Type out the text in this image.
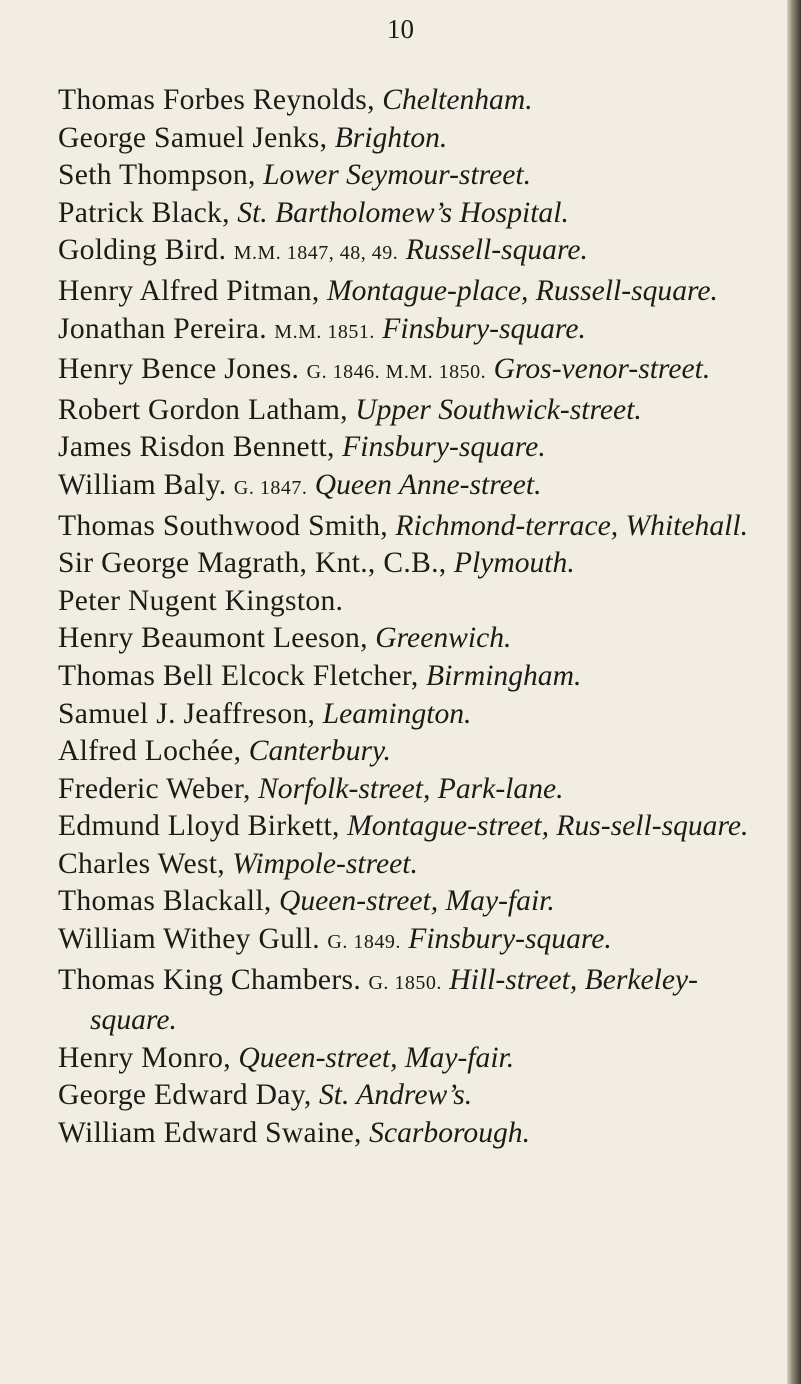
10
Thomas Forbes Reynolds, Cheltenham.
George Samuel Jenks, Brighton.
Seth Thompson, Lower Seymour-street.
Patrick Black, St. Bartholomew’s Hospital.
Golding Bird. M.M. 1847, 48, 49. Russell-square.
Henry Alfred Pitman, Montague-place, Russell-square.
Jonathan Pereira. M.M. 1851. Finsbury-square.
Henry Bence Jones. G. 1846. M.M. 1850. Gros-venor-street.
Robert Gordon Latham, Upper Southwick-street.
James Risdon Bennett, Finsbury-square.
William Baly. G. 1847. Queen Anne-street.
Thomas Southwood Smith, Richmond-terrace, Whitehall.
Sir George Magrath, Knt., C.B., Plymouth.
Peter Nugent Kingston.
Henry Beaumont Leeson, Greenwich.
Thomas Bell Elcock Fletcher, Birmingham.
Samuel J. Jeaffreson, Leamington.
Alfred Lochée, Canterbury.
Frederic Weber, Norfolk-street, Park-lane.
Edmund Lloyd Birkett, Montague-street, Rus-sell-square.
Charles West, Wimpole-street.
Thomas Blackall, Queen-street, May-fair.
William Withey Gull. G. 1849. Finsbury-square.
Thomas King Chambers. G. 1850. Hill-street, Berkeley-square.
Henry Monro, Queen-street, May-fair.
George Edward Day, St. Andrew’s.
William Edward Swaine, Scarborough.
